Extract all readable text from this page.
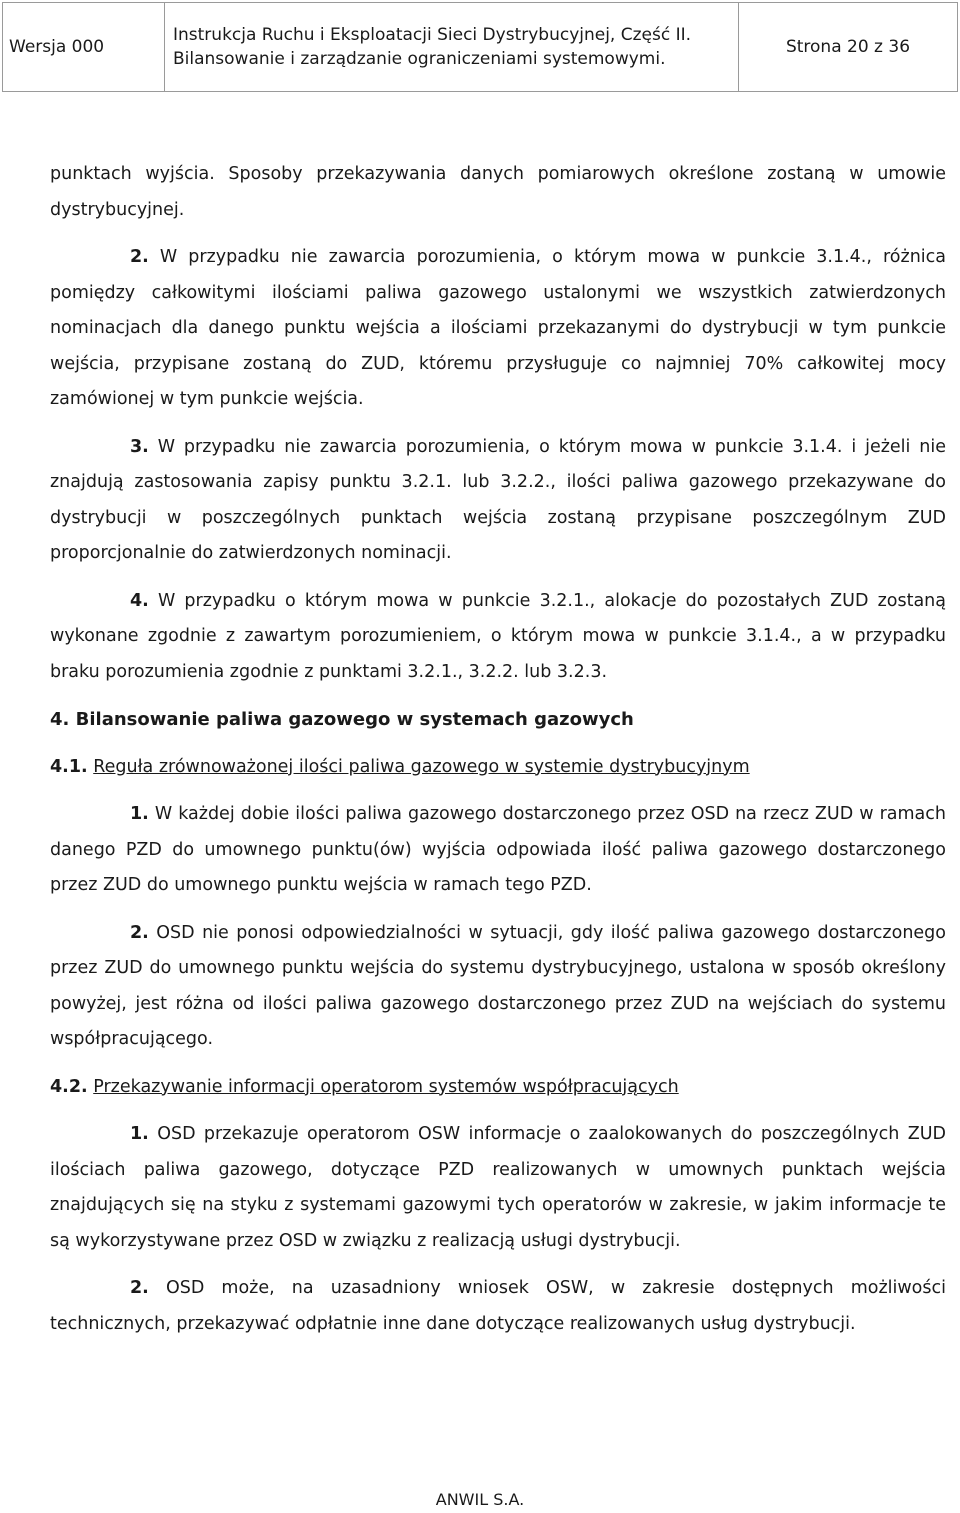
Wersja 000
Instrukcja Ruchu i Eksploatacji Sieci Dystrybucyjnej, Część II.
Bilansowanie i zarządzanie ograniczeniami systemowymi.
Strona 20 z 36

punktach wyjścia. Sposoby przekazywania danych pomiarowych określone zostaną w umowie dystrybucyjnej.

2. W przypadku nie zawarcia porozumienia, o którym mowa w punkcie 3.1.4., różnica pomiędzy całkowitymi ilościami paliwa gazowego ustalonymi we wszystkich zatwierdzonych nominacjach dla danego punktu wejścia a ilościami przekazanymi do dystrybucji w tym punkcie wejścia, przypisane zostaną do ZUD, któremu przysługuje co najmniej 70% całkowitej mocy zamówionej w tym punkcie wejścia.

3. W przypadku nie zawarcia porozumienia, o którym mowa w punkcie 3.1.4. i jeżeli nie znajdują zastosowania zapisy punktu 3.2.1. lub 3.2.2., ilości paliwa gazowego przekazywane do dystrybucji w poszczególnych punktach wejścia zostaną przypisane poszczególnym ZUD proporcjonalnie do zatwierdzonych nominacji.

4. W przypadku o którym mowa w punkcie 3.2.1., alokacje do pozostałych ZUD zostaną wykonane zgodnie z zawartym porozumieniem, o którym mowa w punkcie 3.1.4., a w przypadku braku porozumienia zgodnie z punktami 3.2.1., 3.2.2. lub 3.2.3.

4. Bilansowanie paliwa gazowego w systemach gazowych

4.1. Reguła zrównoważonej ilości paliwa gazowego w systemie dystrybucyjnym

1. W każdej dobie ilości paliwa gazowego dostarczonego przez OSD na rzecz ZUD w ramach danego PZD do umownego punktu(ów) wyjścia odpowiada ilość paliwa gazowego dostarczonego przez ZUD do umownego punktu wejścia w ramach tego PZD.

2. OSD nie ponosi odpowiedzialności w sytuacji, gdy ilość paliwa gazowego dostarczonego przez ZUD do umownego punktu wejścia do systemu dystrybucyjnego, ustalona w sposób określony powyżej, jest różna od ilości paliwa gazowego dostarczonego przez ZUD na wejściach do systemu współpracującego.

4.2. Przekazywanie informacji operatorom systemów współpracujących

1. OSD przekazuje operatorom OSW informacje o zaalokowanych do poszczególnych ZUD ilościach paliwa gazowego, dotyczące PZD realizowanych w umownych punktach wejścia znajdujących się na styku z systemami gazowymi tych operatorów w zakresie, w jakim informacje te są wykorzystywane przez OSD w związku z realizacją usługi dystrybucji.

2. OSD może, na uzasadniony wniosek OSW, w zakresie dostępnych możliwości technicznych, przekazywać odpłatnie inne dane dotyczące realizowanych usług dystrybucji.

ANWIL S.A.
